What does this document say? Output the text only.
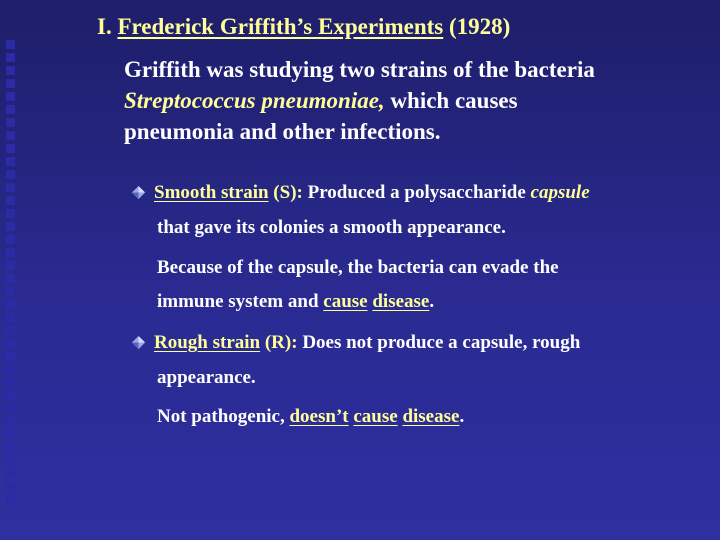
I. Frederick Griffith’s Experiments (1928)

Griffith was studying two strains of the bacteria

Streptococcus pneumoniae, which causes

pneumonia and other infections.

Smooth strain (S): Produced a polysaccharide capsule
that gave its colonies a smooth appearance.
Because of the capsule, the bacteria can evade the
immune system and cause disease.
Rough strain (R): Does not produce a capsule, rough
appearance.
Not pathogenic, doesn’t cause disease.
